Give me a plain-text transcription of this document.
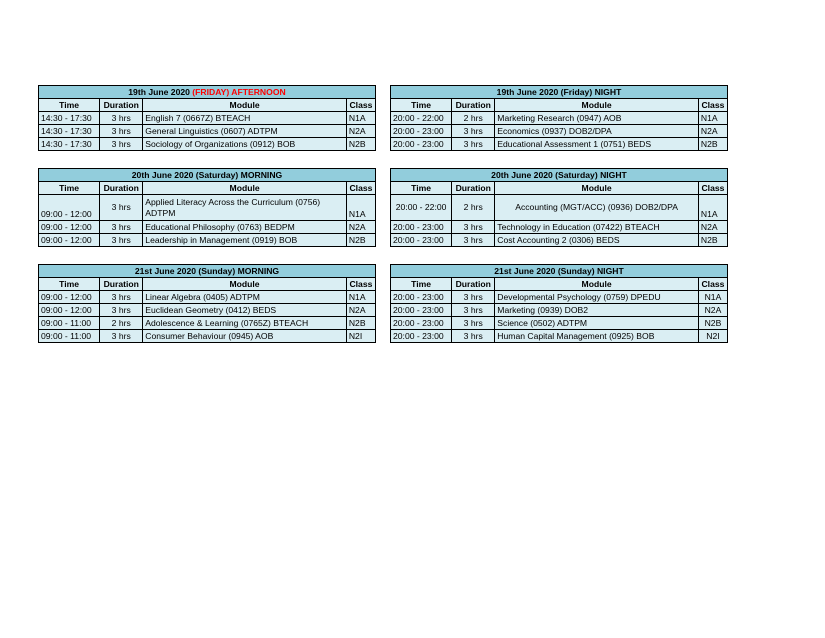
19th June 2020 (FRIDAY) AFTERNOON			
Time	Duration	Module	Class
14:30 - 17:30	3 hrs	English 7 (0667Z) BTEACH	N1A
14:30 - 17:30	3 hrs	General Linguistics (0607) ADTPM	N2A
14:30 - 17:30	3 hrs	Sociology of Organizations (0912) BOB	N2B
19th June 2020 (Friday) NIGHT			
Time	Duration	Module	Class
20:00 - 22:00	2 hrs	Marketing Research (0947) AOB	N1A
20:00 - 23:00	3 hrs	Economics (0937) DOB2/DPA	N2A
20:00 - 23:00	3 hrs	Educational Assessment 1 (0751) BEDS	N2B
20th June 2020 (Saturday) MORNING			
Time	Duration	Module	Class
09:00 - 12:00	3 hrs	Applied Literacy Across the Curriculum (0756) ADTPM	N1A
09:00 - 12:00	3 hrs	Educational Philosophy (0763) BEDPM	N2A
09:00 - 12:00	3 hrs	Leadership in Management (0919) BOB	N2B
20th June 2020 (Saturday) NIGHT			
Time	Duration	Module	Class
20:00 - 22:00	2 hrs	Accounting (MGT/ACC) (0936) DOB2/DPA	N1A
20:00 - 23:00	3 hrs	Technology in Education (07422) BTEACH	N2A
20:00 - 23:00	3 hrs	Cost Accounting 2 (0306) BEDS	N2B
21st June 2020 (Sunday) MORNING			
Time	Duration	Module	Class
09:00 - 12:00	3 hrs	Linear Algebra (0405) ADTPM	N1A
09:00 - 12:00	3 hrs	Euclidean Geometry (0412) BEDS	N2A
09:00 - 11:00	2 hrs	Adolescence & Learning (0765Z) BTEACH	N2B
09:00 - 11:00	3 hrs	Consumer Behaviour (0945) AOB	N2I
21st June 2020 (Sunday) NIGHT			
Time	Duration	Module	Class
20:00 - 23:00	3 hrs	Developmental Psychology (0759) DPEDU	N1A
20:00 - 23:00	3 hrs	Marketing (0939) DOB2	N2A
20:00 - 23:00	3 hrs	Science (0502) ADTPM	N2B
20:00 - 23:00	3 hrs	Human Capital Management (0925) BOB	N2I
